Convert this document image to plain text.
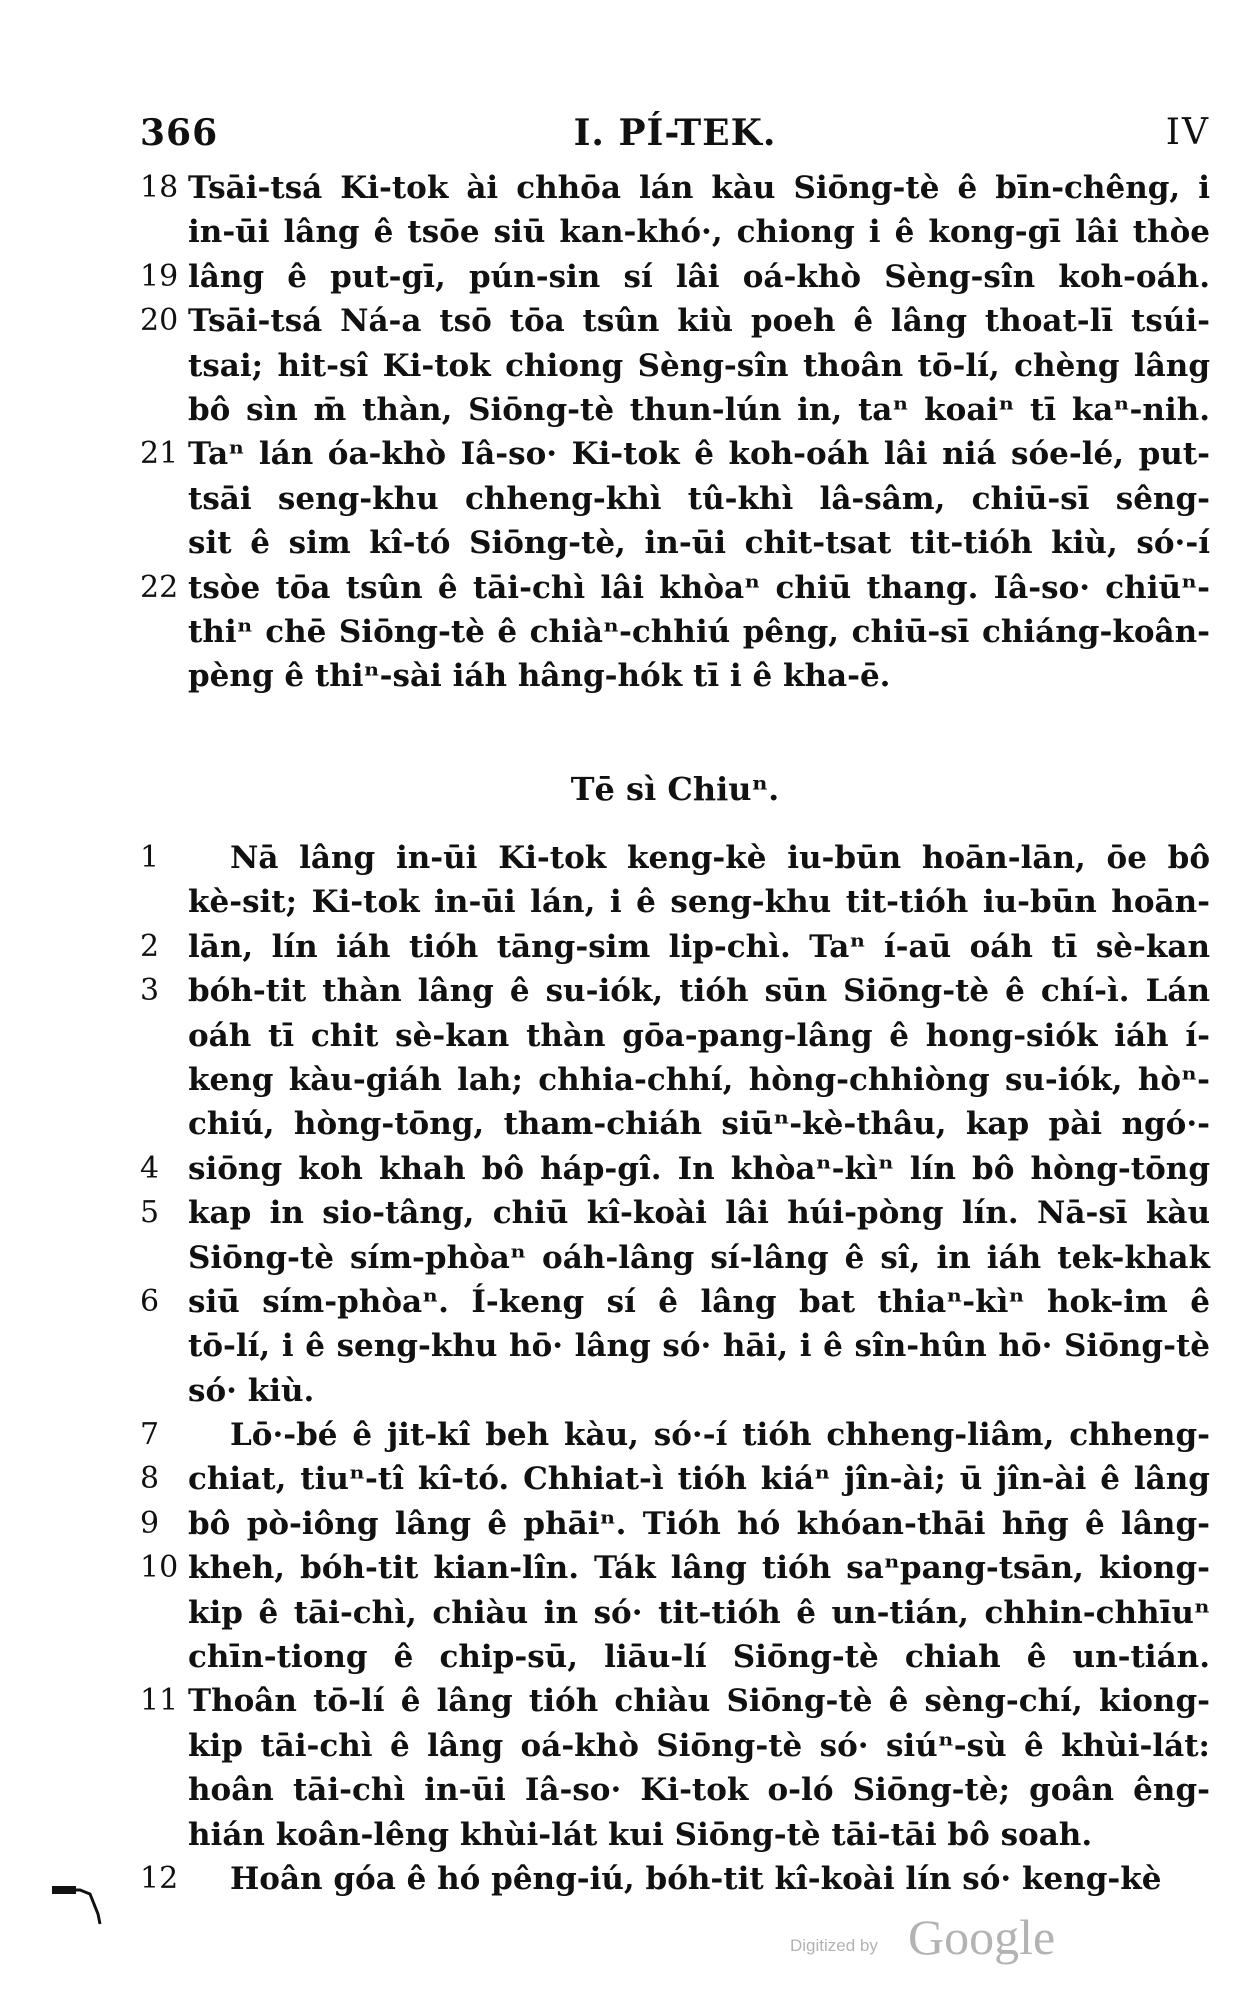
366	I. PÍ-TEK.	IV
18 Tsāi-tsá Ki-tok ài chhōa lán kàu Siōng-tè ê bīn-chêng, i
in-ūi lâng ê tsōe siū kan-khó·, chiong i ê kong-gī lâi thòe
19 lâng ê put-gī, pún-sin sí lâi oá-khò Sèng-sîn koh-oáh.
20 Tsāi-tsá Ná-a tsō tōa tsûn kiù poeh ê lâng thoat-lī tsúi-
tsai; hit-sî Ki-tok chiong Sèng-sîn thoân tō-lí, chèng lâng
bô sìn m̄ thàn, Siōng-tè thun-lún in, taⁿ koaiⁿ tī kaⁿ-nih.
21 Taⁿ lán óa-khò Iâ-so· Ki-tok ê koh-oáh lâi niá sóe-lé, put-
tsāi seng-khu chheng-khì tû-khì lâ-sâm, chiū-sī sêng-
sit ê sim kî-tó Siōng-tè, in-ūi chit-tsat tit-tióh kiù, só·-í
22 tsòe tōa tsûn ê tāi-chì lâi khòaⁿ chiū thang. Iâ-so· chiūⁿ-
thiⁿ chē Siōng-tè ê chiàⁿ-chhiú pêng, chiū-sī chiáng-koân-
pèng ê thiⁿ-sài iáh hâng-hók tī i ê kha-ē.
Tē sì Chiuⁿ.
1	Nā lâng in-ūi Ki-tok keng-kè iu-būn hoān-lān, ōe bô
kè-sit; Ki-tok in-ūi lán, i ê seng-khu tit-tióh iu-būn hoān-
2 lān, lín iáh tióh tāng-sim lip-chì. Taⁿ í-aū oáh tī sè-kan
3 bóh-tit thàn lâng ê su-iók, tióh sūn Siōng-tè ê chí-ì. Lán
oáh tī chit sè-kan thàn gōa-pang-lâng ê hong-siók iáh í-
keng kàu-giáh lah; chhia-chhí, hòng-chhiòng su-iók, hòⁿ-
chiú, hòng-tōng, tham-chiáh siūⁿ-kè-thâu, kap pài ngó·-
4 siōng koh khah bô háp-gî. In khòaⁿ-kìⁿ lín bô hòng-tōng
5 kap in sio-tâng, chiū kî-koài lâi húi-pòng lín. Nā-sī kàu
Siōng-tè sím-phòaⁿ oáh-lâng sí-lâng ê sî, in iáh tek-khak
6 siū sím-phòaⁿ. Í-keng sí ê lâng bat thiaⁿ-kìⁿ hok-im ê
tō-lí, i ê seng-khu hō· lâng só· hāi, i ê sîn-hûn hō· Siōng-tè
só· kiù.
7	Lō·-bé ê jit-kî beh kàu, só·-í tióh chheng-liâm, chheng-
8 chiat, tiuⁿ-tî kî-tó. Chhiat-ì tióh kiáⁿ jîn-ài; ū jîn-ài ê lâng
9 bô pò-iông lâng ê phāiⁿ. Tióh hó khóan-thāi hn̄g ê lâng-
10 kheh, bóh-tit kian-lîn. Ták lâng tióh saⁿpang-tsān, kiong-
kip ê tāi-chì, chiàu in só· tit-tióh ê un-tián, chhin-chhīuⁿ
chīn-tiong ê chip-sū, liāu-lí Siōng-tè chiah ê un-tián.
11 Thoân tō-lí ê lâng tióh chiàu Siōng-tè ê sèng-chí, kiong-
kip tāi-chì ê lâng oá-khò Siōng-tè só· siúⁿ-sù ê khùi-lát:
hoân tāi-chì in-ūi Iâ-so· Ki-tok o-ló Siōng-tè; goân êng-
hián koân-lêng khùi-lát kui Siōng-tè tāi-tāi bô soah.
12	Hoân góa ê hó pêng-iú, bóh-tit kî-koài lín só· keng-kè
Digitized by Google
